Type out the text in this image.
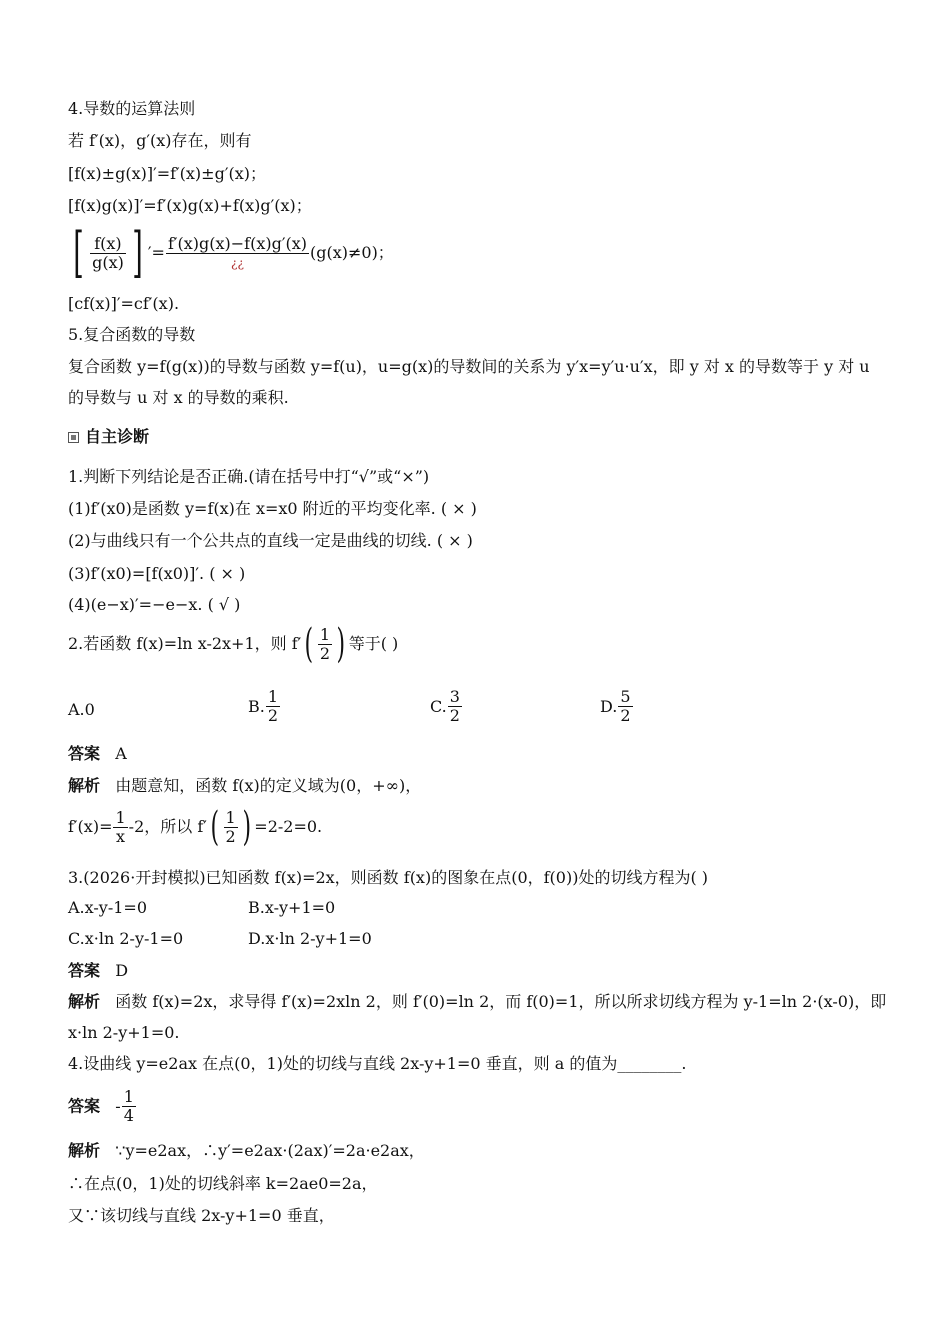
4.导数的运算法则
若 f′(x)，g′(x)存在，则有
[f(x)±g(x)]′=f′(x)±g′(x)；
[f(x)g(x)]′=f′(x)g(x)+f(x)g′(x)；
[ $\frac{f(x)}{g(x)}$ ] ′= $\frac{f'(x)g(x)-f(x)g'(x)}{¿¿} (g(x)\ne 0)$；
[cf(x)]′=cf′(x).
5.复合函数的导数
复合函数 y=f(g(x))的导数与函数 y=f(u)，u=g(x)的导数间的关系为 y′x=y′u·u′x，即 y 对 x 的导数等于 y 对 u
的导数与 u 对 x 的导数的乘积.
自主诊断
1.判断下列结论是否正确.(请在括号中打“√”或“×”)
(1)f′(x0)是函数 y=f(x)在 x=x0 附近的平均变化率. ( × )
(2)与曲线只有一个公共点的直线一定是曲线的切线. ( × )
(3)f′(x0)=[f(x0)]′. ( × )
(4)(e−x)′=−e−x. ( √ )
2.若函数 f(x)=ln x-2x+1，则 $f'( \frac{1}{2}$ ) 等于( )
A.0	B. $\frac{1}{2}$	C. $\frac{3}{2}$	D. $\frac{5}{2}$
答案 A
解析 由题意知，函数 f(x)的定义域为(0，+∞)，
$f'(x)= \frac{1}{x} -2$，所以 $f'( \frac{1}{2}$ ) =2-2=0.
3.(2026·开封模拟)已知函数 f(x)=2x，则函数 f(x)的图象在点(0，f(0))处的切线方程为( )
A.x-y-1=0	B.x-y+1=0
C.x·ln 2-y-1=0	D.x·ln 2-y+1=0
答案 D
解析 函数 f(x)=2x，求导得 f′(x)=2xln 2，则 f′(0)=ln 2，而 f(0)=1，所以所求切线方程为 y-1=ln 2·(x-0)，即
x·ln 2-y+1=0.
4.设曲线 y=e2ax 在点(0，1)处的切线与直线 2x-y+1=0 垂直，则 a 的值为________.
答案 - $\frac{1}{4}$
解析 ∵y=e2ax，∴y′=e2ax·(2ax)′=2a·e2ax，
∴在点(0，1)处的切线斜率 k=2ae0=2a，
又∵该切线与直线 2x-y+1=0 垂直，
